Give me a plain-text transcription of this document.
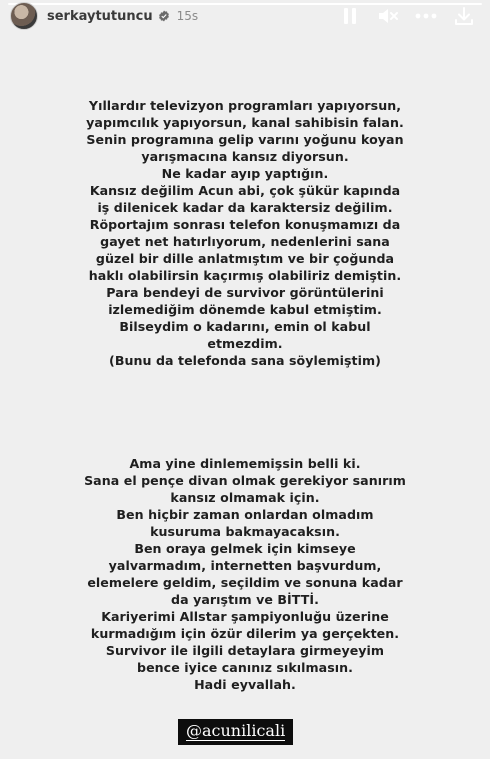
serkaytutuncu 15s
Yıllardır televizyon programları yapıyorsun,
yapımcılık yapıyorsun, kanal sahibisin falan.
Senin programına gelip varını yoğunu koyan
yarışmacına kansız diyorsun.
Ne kadar ayıp yaptığın.
Kansız değilim Acun abi, çok şükür kapında
iş dilenicek kadar da karaktersiz değilim.
Röportajım sonrası telefon konuşmamızı da
gayet net hatırlıyorum, nedenlerini sana
güzel bir dille anlatmıştım ve bir çoğunda
haklı olabilirsin kaçırmış olabiliriz demiştin.
Para bendeyi de survivor görüntülerini
izlemediğim dönemde kabul etmiştim.
Bilseydim o kadarını, emin ol kabul
etmezdim.
(Bunu da telefonda sana söylemiştim)
Ama yine dinlememişsin belli ki.
Sana el pençe divan olmak gerekiyor sanırım
kansız olmamak için.
Ben hiçbir zaman onlardan olmadım
kusuruma bakmayacaksın.
Ben oraya gelmek için kimseye
yalvarmadım, internetten başvurdum,
elemelere geldim, seçildim ve sonuna kadar
da yarıştım ve BİTTİ.
Kariyerimi Allstar şampiyonluğu üzerine
kurmadığım için özür dilerim ya gerçekten.
Survivor ile ilgili detaylara girmeyeyim
bence iyice canınız sıkılmasın.
Hadi eyvallah.
@acunilicali
